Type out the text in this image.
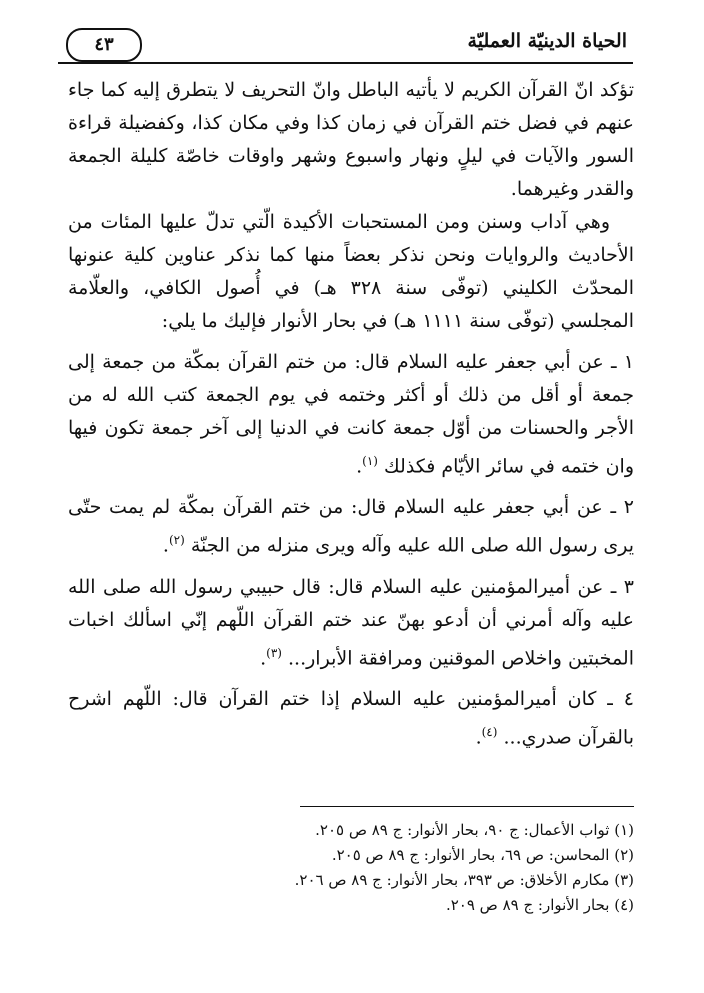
الحياة الدينيّة العمليّة
٤٣

تؤكد انّ القرآن الكريم لا يأتيه الباطل وانّ التحريف لا يتطرق إليه كما جاء عنهم في فضل ختم القرآن في زمان كذا وفي مكان كذا، وكفضيلة قراءة السور والآيات في ليلٍ ونهار واسبوع وشهر واوقات خاصّة كليلة الجمعة والقدر وغيرهما.

وهي آداب وسنن ومن المستحبات الأكيدة الّتي تدلّ عليها المئات من الأحاديث والروايات ونحن نذكر بعضاً منها كما نذكر عناوين كلية عنونها المحدّث الكليني (توفّى سنة ٣٢٨ هـ) في أُصول الكافي، والعلّامة المجلسي (توفّى سنة ١١١١ هـ) في بحار الأنوار فإليك ما يلي:

١ ـ عن أبي جعفر عليه السلام قال: من ختم القرآن بمكّة من جمعة إلى جمعة أو أقل من ذلك أو أكثر وختمه في يوم الجمعة كتب الله له من الأجر والحسنات من أوّل جمعة كانت في الدنيا إلى آخر جمعة تكون فيها وان ختمه في سائر الأيّام فكذلك $^{(١)}$.

٢ ـ عن أبي جعفر عليه السلام قال: من ختم القرآن بمكّة لم يمت حتّى يرى رسول الله صلى الله عليه وآله ويرى منزله من الجنّة $^{(٢)}$.

٣ ـ عن أميرالمؤمنين عليه السلام قال: قال حبيبي رسول الله صلى الله عليه وآله أمرني أن أدعو بهنّ عند ختم القرآن اللّهم إنّي اسألك اخبات المخبتين واخلاص الموقنين ومرافقة الأبرار... $^{(٣)}$.

٤ ـ كان أميرالمؤمنين عليه السلام إذا ختم القرآن قال: اللّهم اشرح بالقرآن صدري... $^{(٤)}$.

(١) ثواب الأعمال: ج ٩٠، بحار الأنوار: ج ٨٩ ص ٢٠٥.
(٢) المحاسن: ص ٦٩، بحار الأنوار: ج ٨٩ ص ٢٠٥.
(٣) مكارم الأخلاق: ص ٣٩٣، بحار الأنوار: ج ٨٩ ص ٢٠٦.
(٤) بحار الأنوار: ج ٨٩ ص ٢٠٩.
